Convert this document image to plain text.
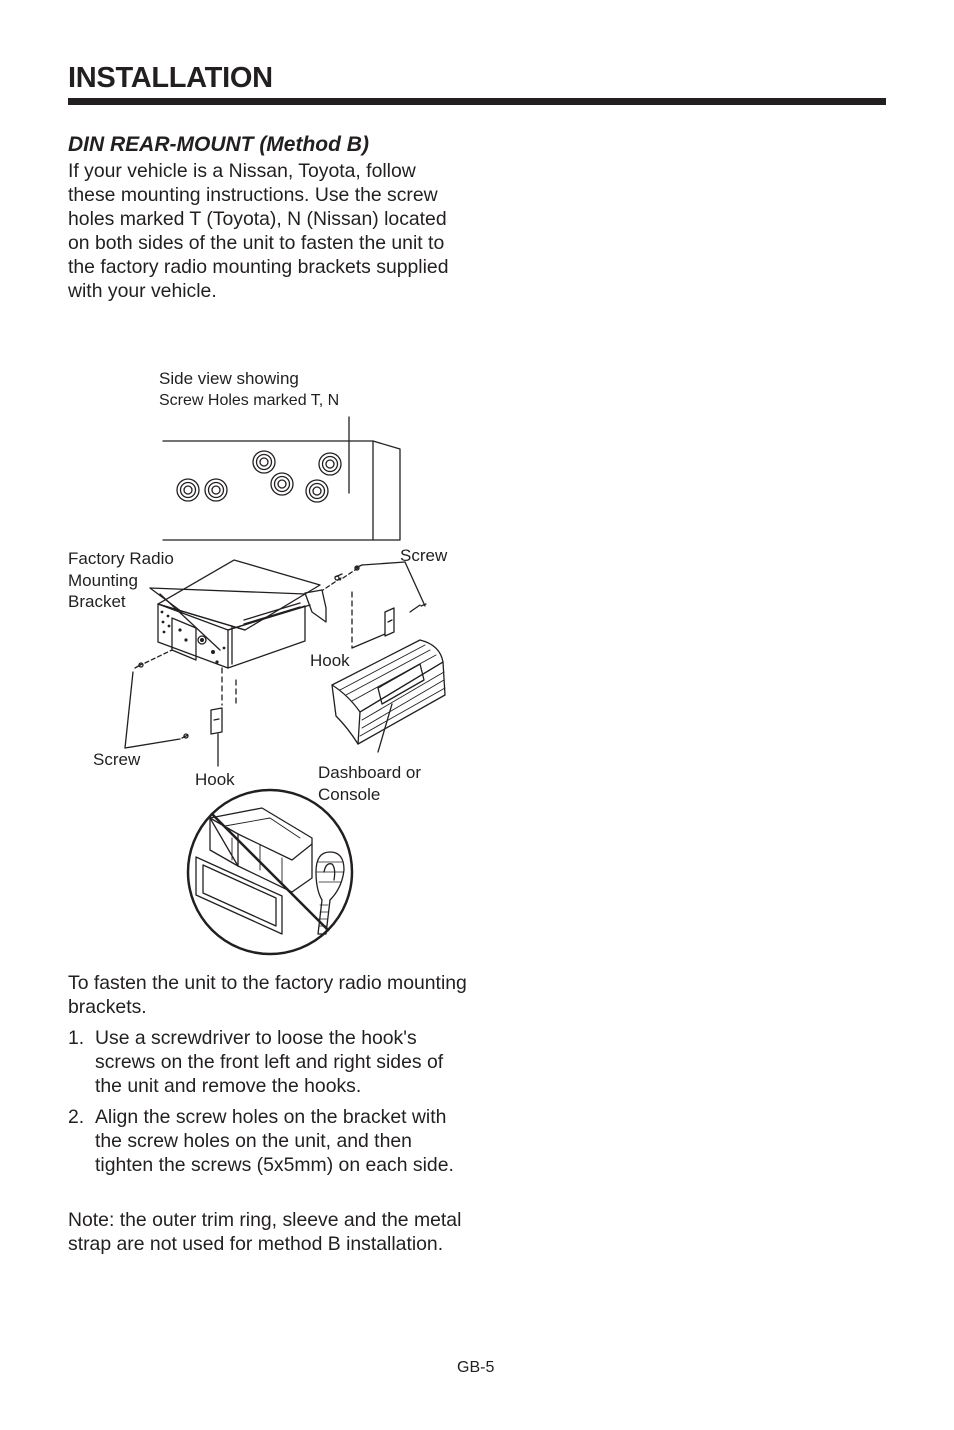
INSTALLATION
DIN REAR-MOUNT (Method B)

If your vehicle is a Nissan, Toyota, follow these mounting instructions. Use the screw holes marked T (Toyota), N (Nissan) located on both sides of the unit to fasten the unit to the factory radio mounting brackets supplied with your vehicle.

Side view showing
Screw Holes marked T, N
Factory Radio Mounting Bracket
Screw
Hook
Screw
Hook	Dashboard or Console

To fasten the unit to the factory radio mounting brackets.

1. Use a screwdriver to loose the hook's screws on the front left and right sides of the unit and remove the hooks.
2. Align the screw holes on the bracket with the screw holes on the unit, and then tighten the screws (5x5mm) on each side.

Note: the outer trim ring, sleeve and the metal strap are not used for method B installation.

GB-5
